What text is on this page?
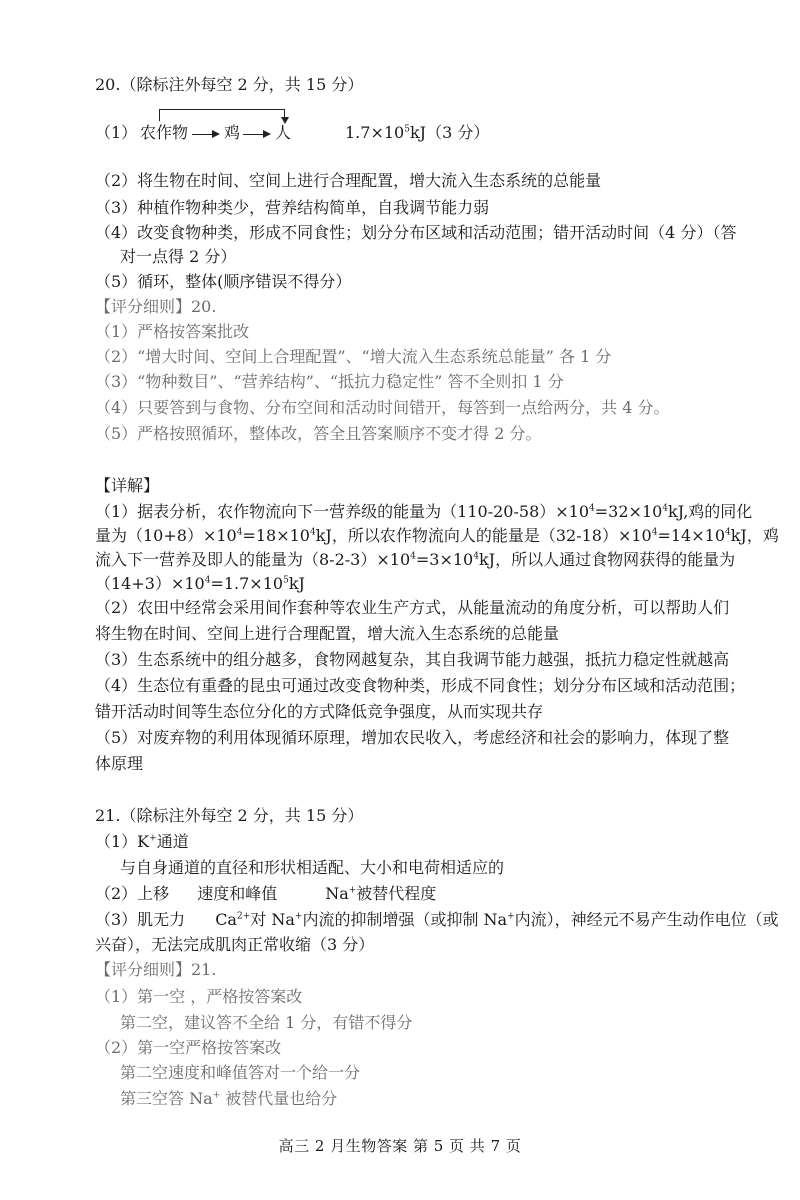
20.（除标注外每空 2 分，共 15 分）
（1） 农作物 鸡 人	$1.7\times 10^5kJ(3$ 分）
（2）将生物在时间、空间上进行合理配置，增大流入生态系统的总能量
（3）种植作物种类少，营养结构简单，自我调节能力弱
（4）改变食物种类，形成不同食性；划分分布区域和活动范围；错开活动时间（4 分）（答
对一点得 2 分）
（5）循环，整体(顺序错误不得分）
【评分细则】20.
（1）严格按答案批改
（2）“增大时间、空间上合理配置”、“增大流入生态系统总能量” 各 1 分
（3）“物种数目”、“营养结构”、“抵抗力稳定性” 答不全则扣 1 分
（4）只要答到与食物、分布空间和活动时间错开，每答到一点给两分，共 4 分。
（5）严格按照循环，整体改，答全且答案顺序不变才得 2 分。
【详解】
（1）据表分析，农作物流向下一营养级的能量为$(110-20-58)\times 10^4=32\times 10^4kJ$,鸡的同化
量为$(10+8)\times 10^4=18\times 10^4kJ$，所以农作物流向人的能量是$(32-18)\times 10^4=14\times 10^4kJ$，鸡
流入下一营养及即人的能量为$(8-2-3)\times 10^4=3\times 10^4kJ$，所以人通过食物网获得的能量为
$(14+3)\times 10^4=1.7\times 10^5kJ$
（2）农田中经常会采用间作套种等农业生产方式，从能量流动的角度分析，可以帮助人们
将生物在时间、空间上进行合理配置，增大流入生态系统的总能量
（3）生态系统中的组分越多，食物网越复杂，其自我调节能力越强，抵抗力稳定性就越高
（4）生态位有重叠的昆虫可通过改变食物种类，形成不同食性；划分分布区域和活动范围；
错开活动时间等生态位分化的方式降低竞争强度，从而实现共存
（5）对废弃物的利用体现循环原理，增加农民收入，考虑经济和社会的影响力，体现了整
体原理
21.（除标注外每空 2 分，共 15 分）
（1）K+通道
与自身通道的直径和形状相适配、大小和电荷相适应的
（2）上移 速度和峰值	Na+被替代程度
（3）肌无力 $Ca^{2+}$对 Na+内流的抑制增强（或抑制 Na+内流），神经元不易产生动作电位（或
兴奋），无法完成肌肉正常收缩（3 分）
【评分细则】21.
（1）第一空 ，严格按答案改
第二空，建议答不全给 1 分，有错不得分
（2）第一空严格按答案改
第二空速度和峰值答对一个给一分
第三空答 Na+ 被替代量也给分
高三 2 月生物答案 第 5 页 共 7 页
